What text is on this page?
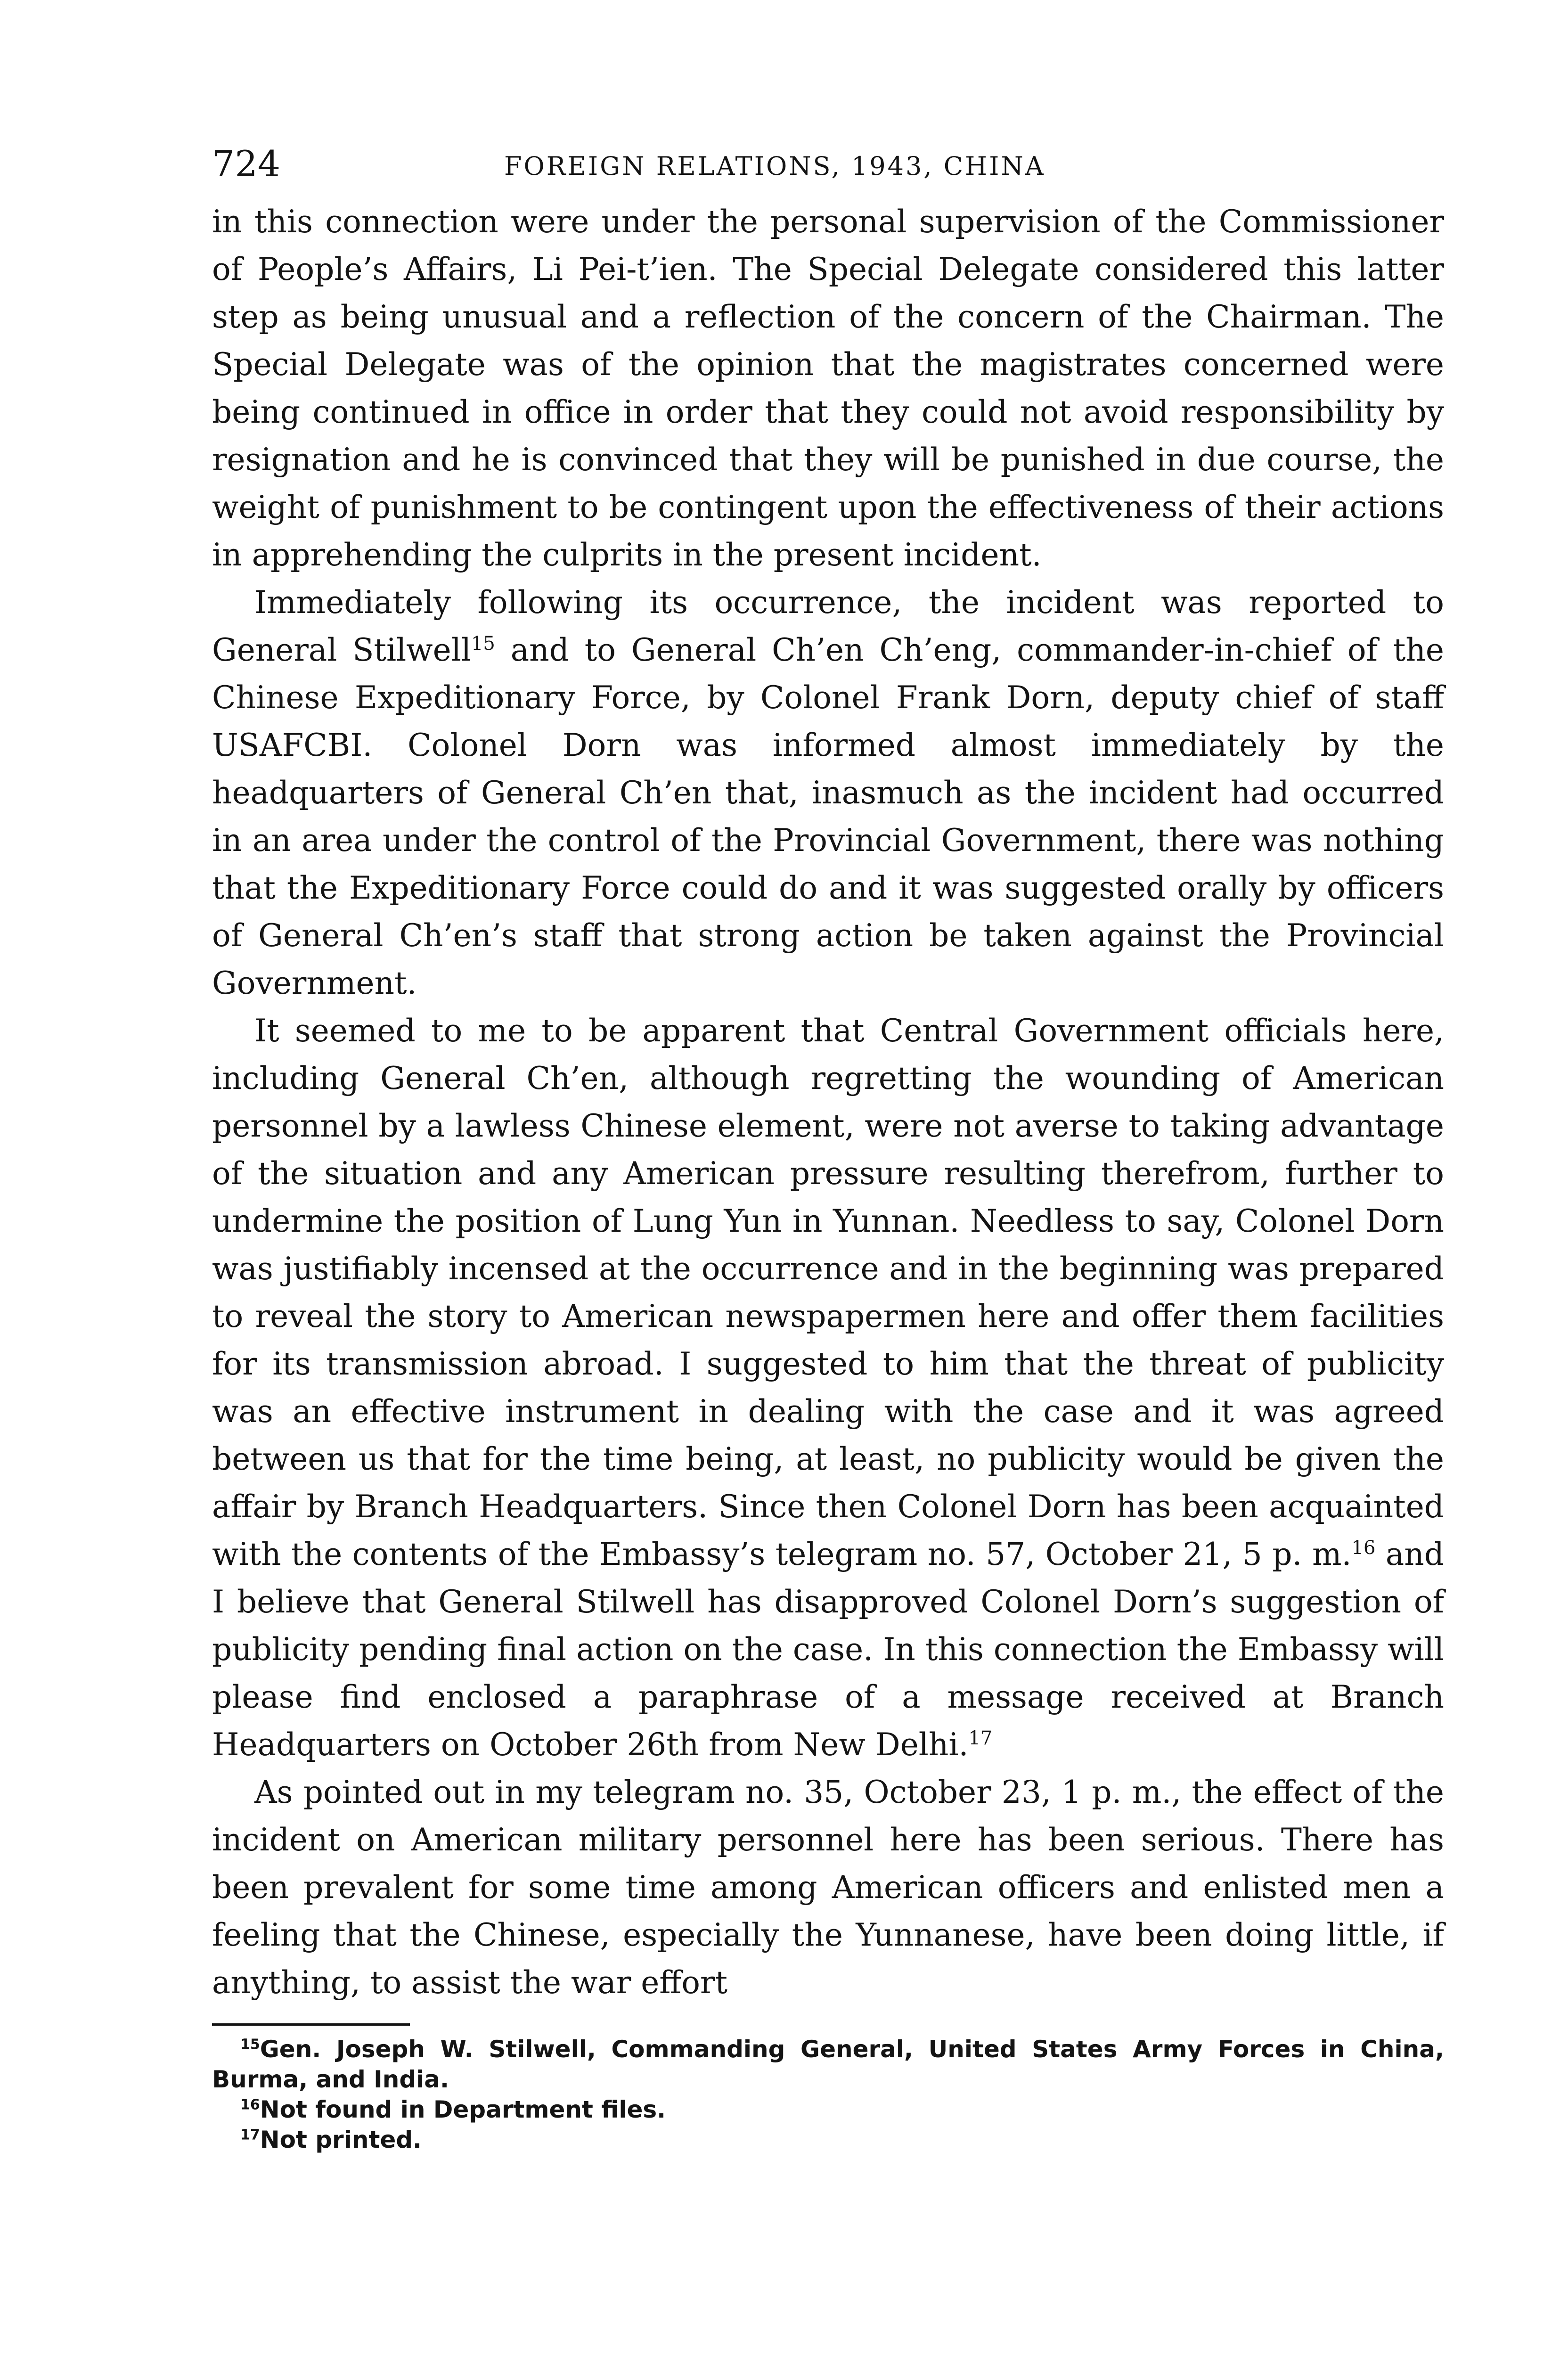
724	FOREIGN RELATIONS, 1943, CHINA

in this connection were under the personal supervision of the Commissioner of People’s Affairs, Li Pei-t’ien. The Special Delegate considered this latter step as being unusual and a reflection of the concern of the Chairman. The Special Delegate was of the opinion that the magistrates concerned were being continued in office in order that they could not avoid responsibility by resignation and he is convinced that they will be punished in due course, the weight of punishment to be contingent upon the effectiveness of their actions in apprehending the culprits in the present incident.

Immediately following its occurrence, the incident was reported to General Stilwell$^{15}$ and to General Ch’en Ch’eng, commander-in-chief of the Chinese Expeditionary Force, by Colonel Frank Dorn, deputy chief of staff USAFCBI. Colonel Dorn was informed almost immediately by the headquarters of General Ch’en that, inasmuch as the incident had occurred in an area under the control of the Provincial Government, there was nothing that the Expeditionary Force could do and it was suggested orally by officers of General Ch’en’s staff that strong action be taken against the Provincial Government.

It seemed to me to be apparent that Central Government officials here, including General Ch’en, although regretting the wounding of American personnel by a lawless Chinese element, were not averse to taking advantage of the situation and any American pressure resulting therefrom, further to undermine the position of Lung Yun in Yunnan. Needless to say, Colonel Dorn was justifiably incensed at the occurrence and in the beginning was prepared to reveal the story to American newspapermen here and offer them facilities for its transmission abroad. I suggested to him that the threat of publicity was an effective instrument in dealing with the case and it was agreed between us that for the time being, at least, no publicity would be given the affair by Branch Headquarters. Since then Colonel Dorn has been acquainted with the contents of the Embassy’s telegram no. 57, October 21, 5 p. m.$^{16}$ and I believe that General Stilwell has disapproved Colonel Dorn’s suggestion of publicity pending final action on the case. In this connection the Embassy will please find enclosed a paraphrase of a message received at Branch Headquarters on October 26th from New Delhi.$^{17}$

As pointed out in my telegram no. 35, October 23, 1 p. m., the effect of the incident on American military personnel here has been serious. There has been prevalent for some time among American officers and enlisted men a feeling that the Chinese, especially the Yunnanese, have been doing little, if anything, to assist the war effort

$^{15}$Gen. Joseph W. Stilwell, Commanding General, United States Army Forces in China, Burma, and India.

$^{16}$Not found in Department files.

$^{17}$Not printed.
